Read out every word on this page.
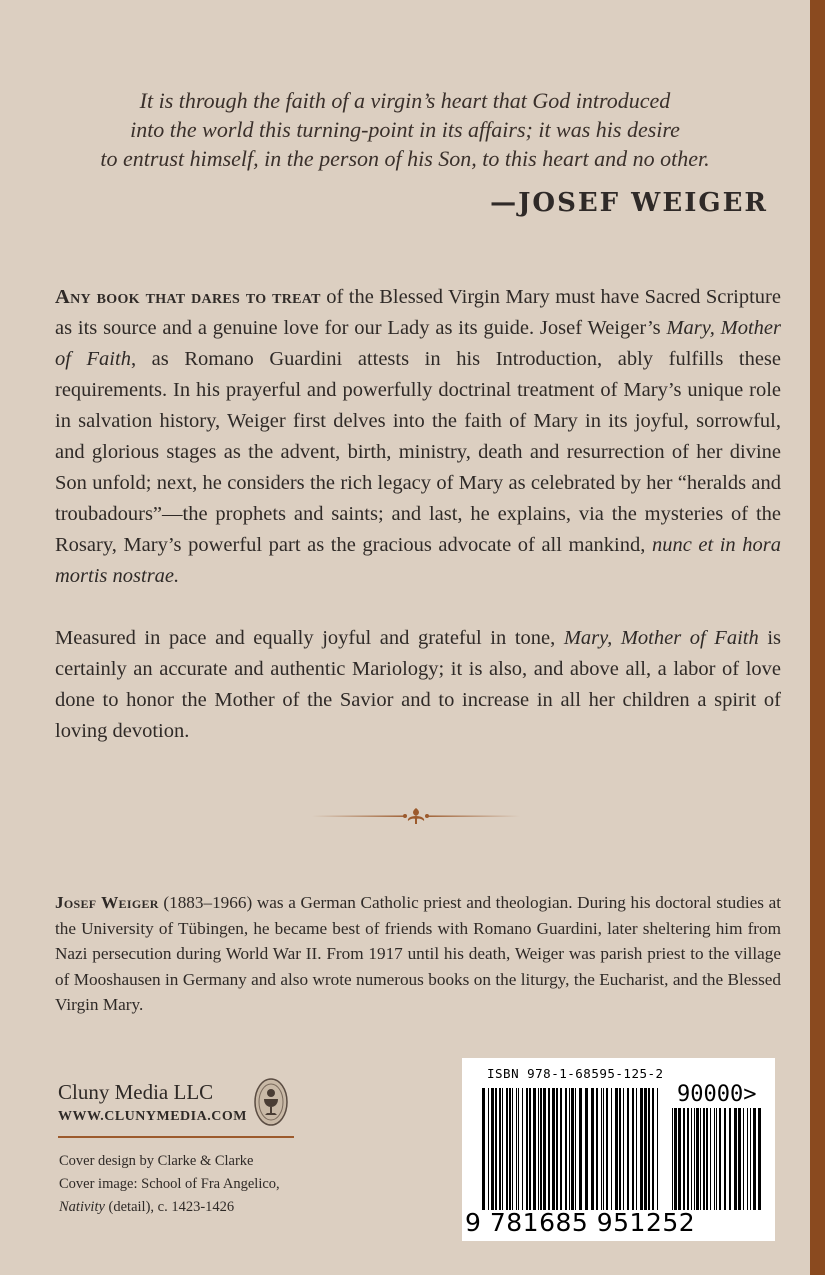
It is through the faith of a virgin’s heart that God introduced
into the world this turning-point in its affairs; it was his desire
to entrust himself, in the person of his Son, to this heart and no other.
—JOSEF WEIGER

Any book that dares to treat of the Blessed Virgin Mary must have Sacred Scripture as its source and a genuine love for our Lady as its guide. Josef Weiger’s Mary, Mother of Faith, as Romano Guardini attests in his Introduction, ably fulfills these requirements. In his prayerful and powerfully doctrinal treatment of Mary’s unique role in salvation history, Weiger first delves into the faith of Mary in its joyful, sorrowful, and glorious stages as the advent, birth, ministry, death and resurrection of her divine Son unfold; next, he considers the rich legacy of Mary as celebrated by her “heralds and troubadours”—the prophets and saints; and last, he explains, via the mysteries of the Rosary, Mary’s powerful part as the gracious advocate of all mankind, nunc et in hora mortis nostrae.

Measured in pace and equally joyful and grateful in tone, Mary, Mother of Faith is certainly an accurate and authentic Mariology; it is also, and above all, a labor of love done to honor the Mother of the Savior and to increase in all her children a spirit of loving devotion.

Josef Weiger (1883–1966) was a German Catholic priest and theologian. During his doctoral studies at the University of Tübingen, he became best of friends with Romano Guardini, later sheltering him from Nazi persecution during World War II. From 1917 until his death, Weiger was parish priest to the village of Mooshausen in Germany and also wrote numerous books on the liturgy, the Eucharist, and the Blessed Virgin Mary.

Cluny Media LLC
WWW.CLUNYMEDIA.COM
Cover design by Clarke & Clarke
Cover image: School of Fra Angelico,
Nativity (detail), c. 1423-1426
ISBN 978-1-68595-125-2
90000>
9 781685 951252
